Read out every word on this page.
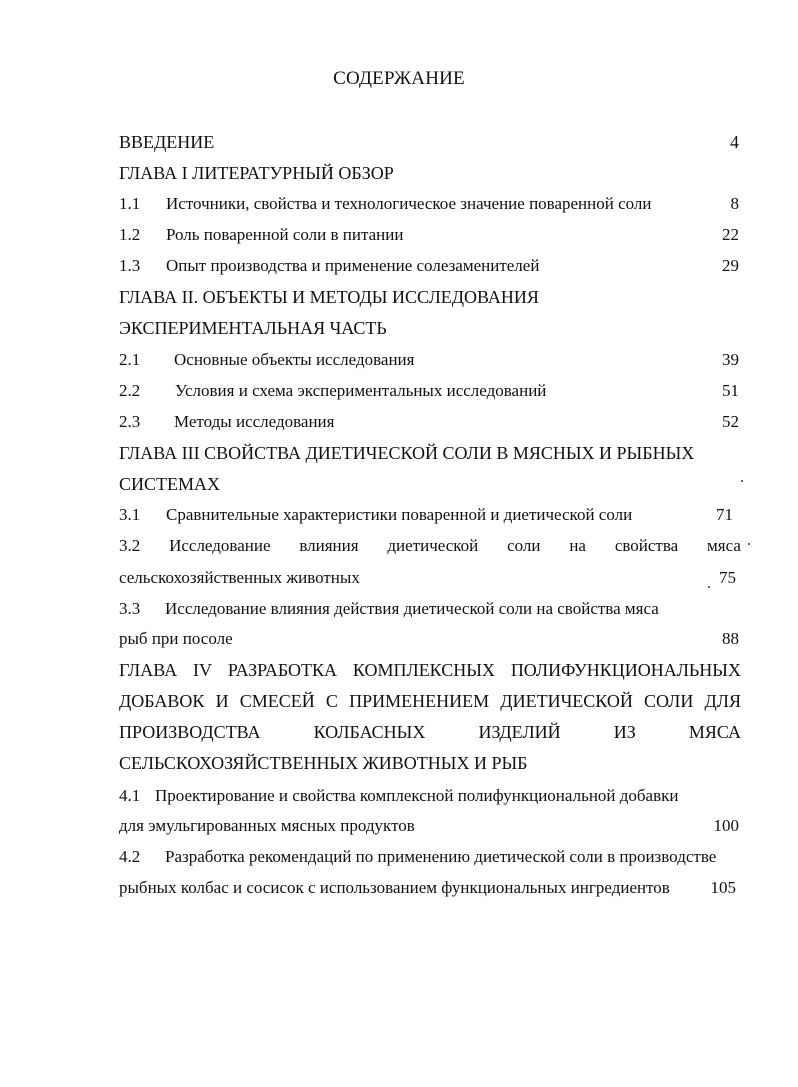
СОДЕРЖАНИЕ
ВВЕДЕНИЕ	4
ГЛАВА I ЛИТЕРАТУРНЫЙ ОБЗОР
1.1 Источники, свойства и технологическое значение поваренной соли	8
1.2 Роль поваренной соли в питании	22
1.3 Опыт производства и применение солезаменителей	29
ГЛАВА II. ОБЪЕКТЫ И МЕТОДЫ ИССЛЕДОВАНИЯ
ЭКСПЕРИМЕНТАЛЬНАЯ ЧАСТЬ
2.1 Основные объекты исследования	39
2.2 Условия и схема экспериментальных исследований	51
2.3 Методы исследования	52
ГЛАВА III СВОЙСТВА ДИЕТИЧЕСКОЙ СОЛИ В МЯСНЫХ И РЫБНЫХ
СИСТЕМАХ
3.1 Сравнительные характеристики поваренной и диетической соли	71
3.2 Исследование влияния диетической соли на свойства мяса
сельскохозяйственных животных	75
3.3 Исследование влияния действия диетической соли на свойства мяса
рыб при посоле	88
ГЛАВА IV РАЗРАБОТКА КОМПЛЕКСНЫХ ПОЛИФУНКЦИОНАЛЬНЫХ
ДОБАВОК И СМЕСЕЙ С ПРИМЕНЕНИЕМ ДИЕТИЧЕСКОЙ СОЛИ ДЛЯ
ПРОИЗВОДСТВА	КОЛБАСНЫХ	ИЗДЕЛИЙ	ИЗ	МЯСА
СЕЛЬСКОХОЗЯЙСТВЕННЫХ ЖИВОТНЫХ И РЫБ
4.1 Проектирование и свойства комплексной полифункциональной добавки
для эмульгированных мясных продуктов	100
4.2 Разработка рекомендаций по применению диетической соли в производстве
рыбных колбас и сосисок с использованием функциональных ингредиентов 105
